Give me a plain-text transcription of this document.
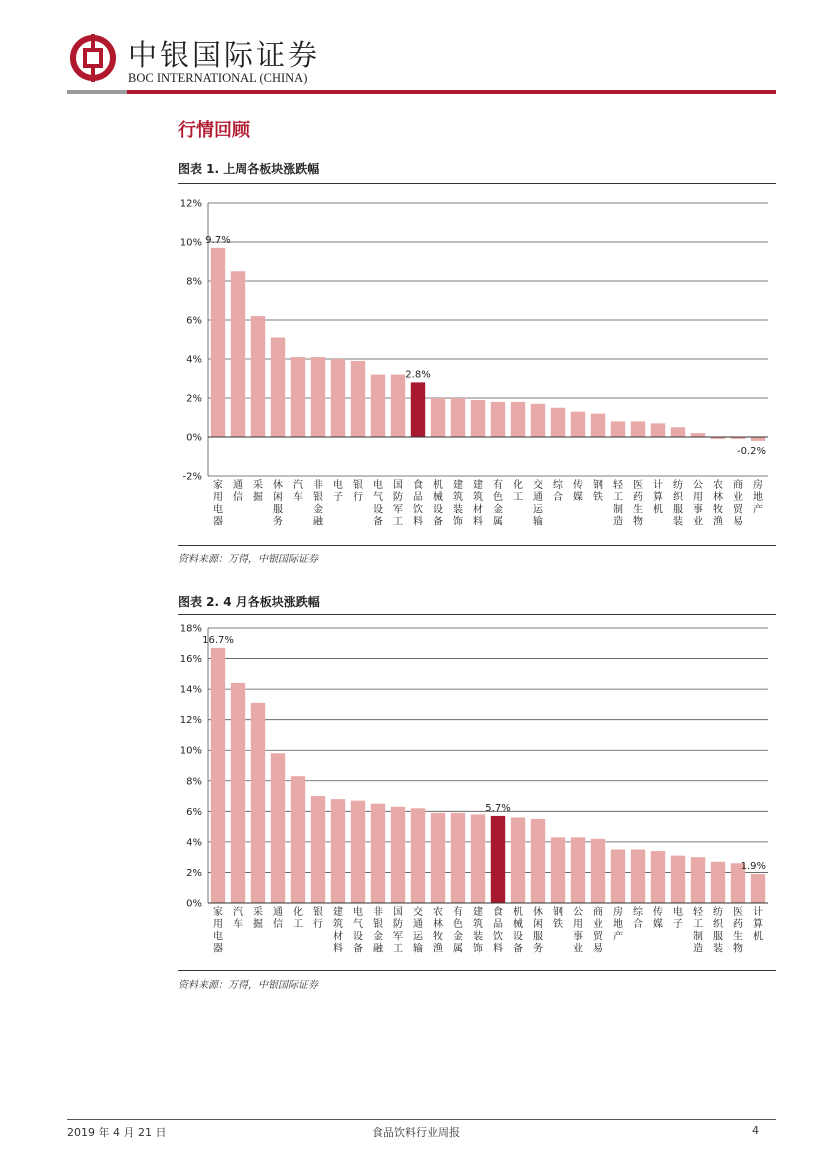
中银国际证券
BOC INTERNATIONAL (CHINA)
行情回顾
图表 1. 上周各板块涨跌幅
12%
10%
8%
6%
4%
2%
0%
-2%
家用电器
通信
采掘
休闲服务
汽车
非银金融
电子
银行
电气设备
国防军工
食品饮料
机械设备
建筑装饰
建筑材料
有色金属
化工
交通运输
综合
传媒
钢铁
轻工制造
医药生物
计算机
纺织服装
公用事业
农林牧渔
商业贸易
房地产
9.7%
2.8%
-0.2%
资料来源：万得，中银国际证券
图表 2. 4 月各板块涨跌幅
18%
16%
14%
12%
10%
8%
6%
4%
2%
0%
家用电器
汽车
采掘
通信
化工
银行
建筑材料
电气设备
非银金融
国防军工
交通运输
农林牧渔
有色金属
建筑装饰
食品饮料
机械设备
休闲服务
钢铁
公用事业
商业贸易
房地产
综合
传媒
电子
轻工制造
纺织服装
医药生物
计算机
16.7%
5.7%
1.9%
资料来源：万得，中银国际证券
2019 年 4 月 21 日	食品饮料行业周报	4
